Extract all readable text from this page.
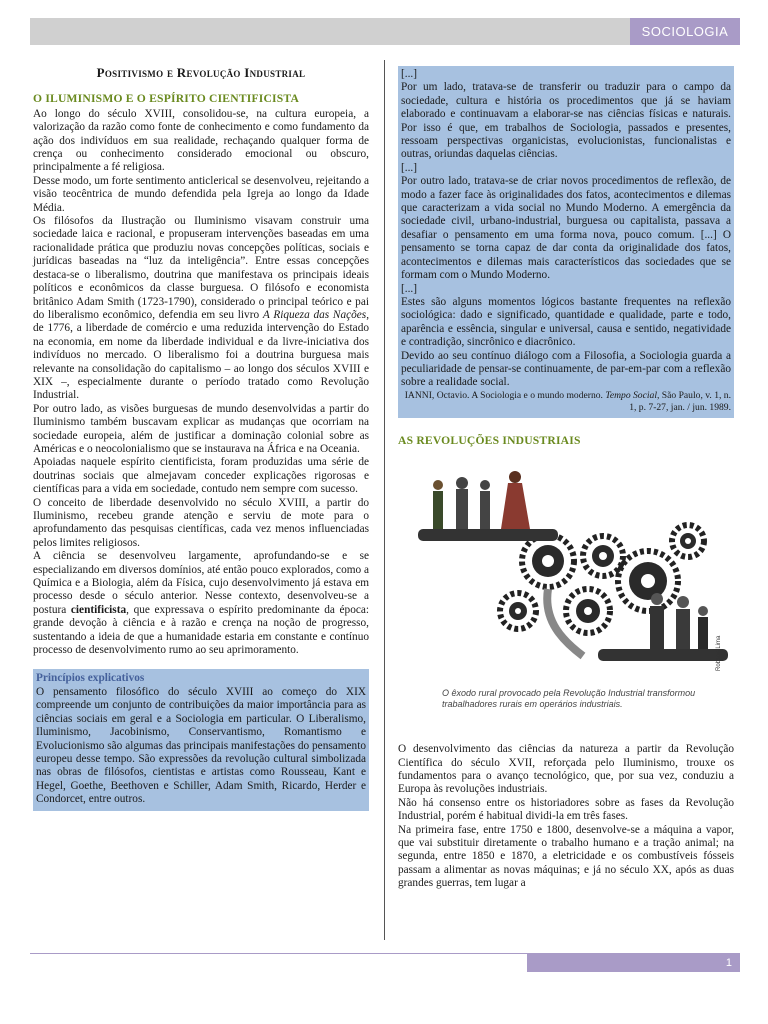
SOCIOLOGIA

Positivismo e Revolução Industrial

O ILUMINISMO E O ESPÍRITO CIENTIFICISTA

Ao longo do século XVIII, consolidou-se, na cultura europeia, a valorização da razão como fonte de conhecimento e como fundamento da ação dos indivíduos em sua realidade, rechaçando qualquer forma de crença ou conhecimento considerado emocional ou obscuro, principalmente a fé religiosa.

Desse modo, um forte sentimento anticlerical se desenvolveu, rejeitando a visão teocêntrica de mundo defendida pela Igreja ao longo da Idade Média.

Os filósofos da Ilustração ou Iluminismo visavam construir uma sociedade laica e racional, e propuseram intervenções baseadas em uma racionalidade prática que produziu novas concepções políticas, sociais e jurídicas baseadas na “luz da inteligência”. Entre essas concepções destaca-se o liberalismo, doutrina que manifestava os principais ideais políticos e econômicos da classe burguesa. O filósofo e economista britânico Adam Smith (1723-1790), considerado o principal teórico e pai do liberalismo econômico, defendia em seu livro A Riqueza das Nações, de 1776, a liberdade de comércio e uma reduzida intervenção do Estado na economia, em nome da liberdade individual e da livre-iniciativa dos indivíduos no mercado. O liberalismo foi a doutrina burguesa mais relevante na consolidação do capitalismo – ao longo dos séculos XVIII e XIX –, especialmente durante o período tratado como Revolução Industrial.

Por outro lado, as visões burguesas de mundo desenvolvidas a partir do Iluminismo também buscavam explicar as mudanças que ocorriam na sociedade europeia, além de justificar a dominação colonial sobre as Américas e o neocolonialismo que se instaurava na África e na Oceania.

Apoiadas naquele espírito cientificista, foram produzidas uma série de doutrinas sociais que almejavam conceder explicações rigorosas e científicas para a vida em sociedade, contudo nem sempre com sucesso.

O conceito de liberdade desenvolvido no século XVIII, a partir do Iluminismo, recebeu grande atenção e serviu de mote para o aprofundamento das pesquisas científicas, cada vez menos influenciadas pelos limites religiosos.

A ciência se desenvolveu largamente, aprofundando-se e se especializando em diversos domínios, até então pouco explorados, como a Química e a Biologia, além da Física, cujo desenvolvimento já estava em processo desde o século anterior. Nesse contexto, desenvolveu-se a postura cientificista, que expressava o espírito predominante da época: grande devoção à ciência e à razão e crença na noção de progresso, sustentando a ideia de que a humanidade estaria em constante e contínuo processo de desenvolvimento rumo ao seu aprimoramento.

Princípios explicativos

O pensamento filosófico do século XVIII ao começo do XIX compreende um conjunto de contribuições da maior importância para as ciências sociais em geral e a Sociologia em particular. O Liberalismo, Iluminismo, Jacobinismo, Conservantismo, Romantismo e Evolucionismo são algumas das principais manifestações do pensamento europeu desse tempo. São expressões da revolução cultural simbolizada nas obras de filósofos, cientistas e artistas como Rousseau, Kant e Hegel, Goethe, Beethoven e Schiller, Adam Smith, Ricardo, Herder e Condorcet, entre outros.

[...]

Por um lado, tratava-se de transferir ou traduzir para o campo da sociedade, cultura e história os procedimentos que já se haviam elaborado e continuavam a elaborar-se nas ciências físicas e naturais. Por isso é que, em trabalhos de Sociologia, passados e presentes, ressoam perspectivas organicistas, evolucionistas, funcionalistas e outras, oriundas daquelas ciências.

[...]

Por outro lado, tratava-se de criar novos procedimentos de reflexão, de modo a fazer face às originalidades dos fatos, acontecimentos e dilemas que caracterizam a vida social no Mundo Moderno. A emergência da sociedade civil, urbano-industrial, burguesa ou capitalista, passava a desafiar o pensamento em uma forma nova, pouco comum. [...] O pensamento se torna capaz de dar conta da originalidade dos fatos, acontecimentos e dilemas mais característicos das sociedades que se formam com o Mundo Moderno.

[...]

Estes são alguns momentos lógicos bastante frequentes na reflexão sociológica: dado e significado, quantidade e qualidade, parte e todo, aparência e essência, singular e universal, causa e sentido, negatividade e contradição, sincrônico e diacrônico.

Devido ao seu contínuo diálogo com a Filosofia, a Sociologia guarda a peculiaridade de pensar-se continuamente, de par-em-par com a reflexão sobre a realidade social.

IANNI, Octavio. A Sociologia e o mundo moderno. Tempo Social, São Paulo, v. 1, n. 1, p. 7-27, jan. / jun. 1989.

AS REVOLUÇÕES INDUSTRIAIS

Robson Lima

O êxodo rural provocado pela Revolução Industrial transformou trabalhadores rurais em operários industriais.

O desenvolvimento das ciências da natureza a partir da Revolução Científica do século XVII, reforçada pelo Iluminismo, trouxe os fundamentos para o avanço tecnológico, que, por sua vez, conduziu a Europa às revoluções industriais.

Não há consenso entre os historiadores sobre as fases da Revolução Industrial, porém é habitual dividi-la em três fases.

Na primeira fase, entre 1750 e 1800, desenvolve-se a máquina a vapor, que vai substituir diretamente o trabalho humano e a tração animal; na segunda, entre 1850 e 1870, a eletricidade e os combustíveis fósseis passam a alimentar as novas máquinas; e já no século XX, após as duas grandes guerras, tem lugar a

1
